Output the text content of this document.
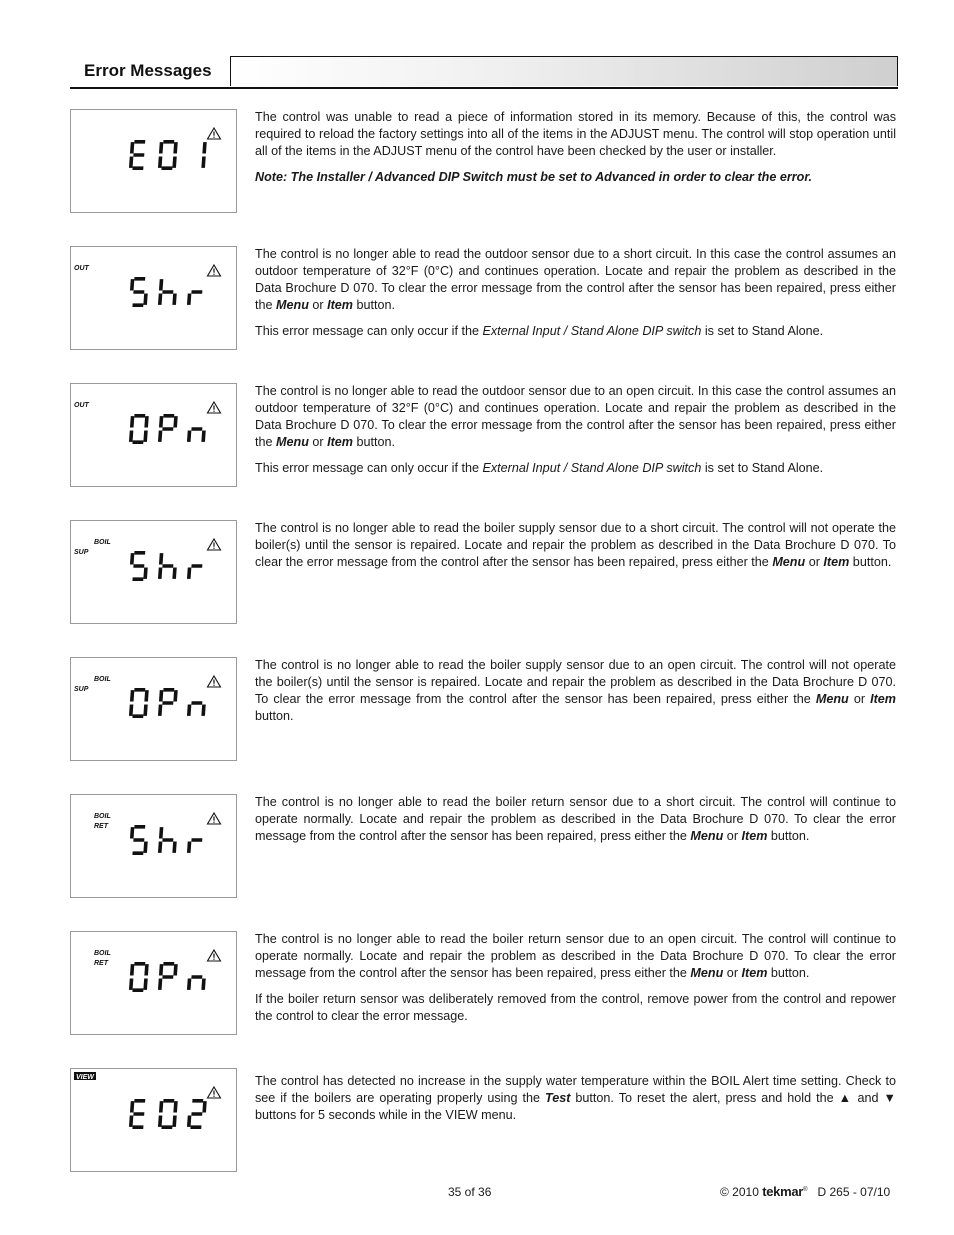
Error Messages

The control was unable to read a piece of information stored in its memory. Because of this, the control was required to reload the factory settings into all of the items in the ADJUST menu. The control will stop operation until all of the items in the ADJUST menu of the control have been checked by the user or installer.

Note: The Installer / Advanced DIP Switch must be set to Advanced in order to clear the error.

OUT

The control is no longer able to read the outdoor sensor due to a short circuit. In this case the control assumes an outdoor temperature of 32°F (0°C) and continues operation. Locate and repair the problem as described in the Data Brochure D 070. To clear the error message from the control after the sensor has been repaired, press either the Menu or Item button.

This error message can only occur if the External Input / Stand Alone DIP switch is set to Stand Alone.

OUT

The control is no longer able to read the outdoor sensor due to an open circuit. In this case the control assumes an outdoor temperature of 32°F (0°C) and continues operation. Locate and repair the problem as described in the Data Brochure D 070. To clear the error message from the control after the sensor has been repaired, press either the Menu or Item button.

This error message can only occur if the External Input / Stand Alone DIP switch is set to Stand Alone.

BOIL
SUP

The control is no longer able to read the boiler supply sensor due to a short circuit. The control will not operate the boiler(s) until the sensor is repaired. Locate and repair the problem as described in the Data Brochure D 070. To clear the error message from the control after the sensor has been repaired, press either the Menu or Item button.

BOIL
SUP

The control is no longer able to read the boiler supply sensor due to an open circuit. The control will not operate the boiler(s) until the sensor is repaired. Locate and repair the problem as described in the Data Brochure D 070. To clear the error message from the control after the sensor has been repaired, press either the Menu or Item button.

BOIL
RET

The control is no longer able to read the boiler return sensor due to a short circuit. The control will continue to operate normally. Locate and repair the problem as described in the Data Brochure D 070. To clear the error message from the control after the sensor has been repaired, press either the Menu or Item button.

BOIL
RET

The control is no longer able to read the boiler return sensor due to an open circuit. The control will continue to operate normally. Locate and repair the problem as described in the Data Brochure D 070. To clear the error message from the control after the sensor has been repaired, press either the Menu or Item button.

If the boiler return sensor was deliberately removed from the control, remove power from the control and repower the control to clear the error message.

VIEW	The control has detected no increase in the supply water temperature within the BOIL Alert time setting. Check to see if the boilers are operating properly using the Test button. To reset the alert, press and hold the ▲ and ▼ buttons for 5 seconds while in the VIEW menu.

35 of 36	© 2010 tekmar® D 265 - 07/10
